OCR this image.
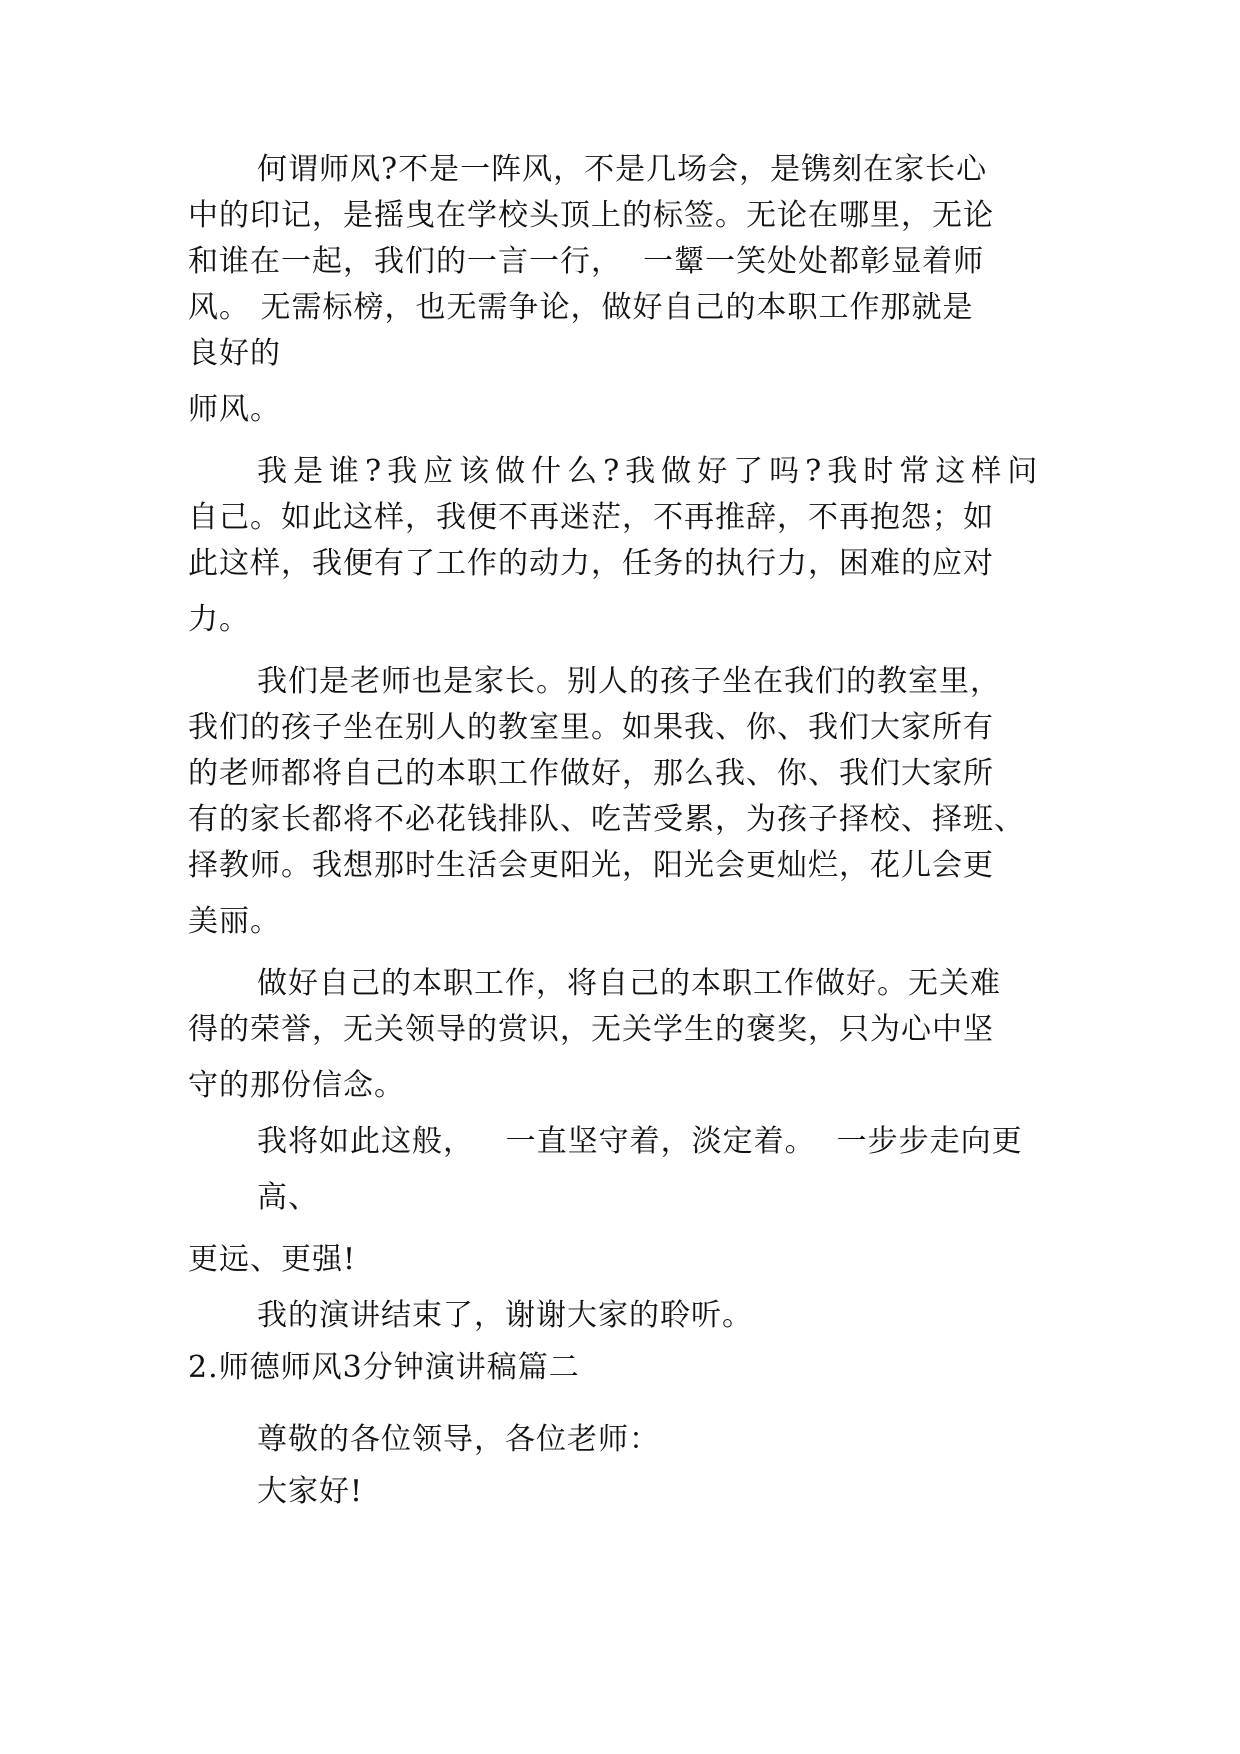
何谓师风?不是一阵风，不是几场会，是镌刻在家长心
中的印记，是摇曳在学校头顶上的标签。无论在哪里，无论
和谁在一起，我们的一言一行，  一颦一笑处处都彰显着师
风。 无需标榜，也无需争论，做好自己的本职工作那就是
良好的
师风。
我是谁?我应该做什么?我做好了吗?我时常这样问
自己。如此这样，我便不再迷茫，不再推辞，不再抱怨；如
此这样，我便有了工作的动力，任务的执行力，困难的应对
力。
我们是老师也是家长。别人的孩子坐在我们的教室里，
我们的孩子坐在别人的教室里。如果我、你、我们大家所有
的老师都将自己的本职工作做好，那么我、你、我们大家所
有的家长都将不必花钱排队、吃苦受累，为孩子择校、择班、
择教师。我想那时生活会更阳光，阳光会更灿烂，花儿会更
美丽。
做好自己的本职工作，将自己的本职工作做好。无关难
得的荣誉，无关领导的赏识，无关学生的褒奖，只为心中坚
守的那份信念。
我将如此这般，   一直坚守着，淡定着。  一步步走向更
高、
更远、更强!
我的演讲结束了，谢谢大家的聆听。
2.师德师风3分钟演讲稿篇二
尊敬的各位领导，各位老师：
大家好!
